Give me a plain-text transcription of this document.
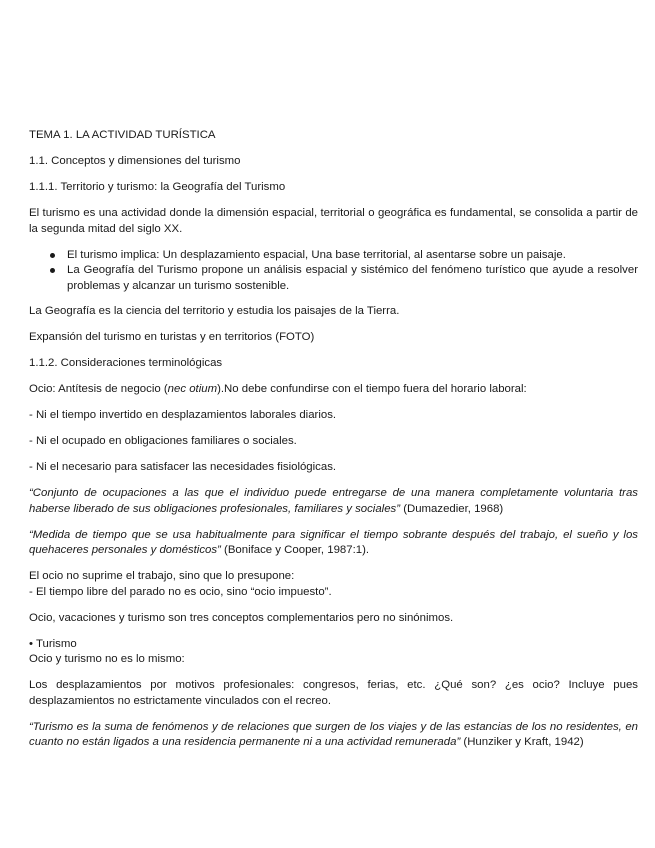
TEMA 1. LA ACTIVIDAD TURÍSTICA

1.1. Conceptos y dimensiones del turismo

1.1.1. Territorio y turismo: la Geografía del Turismo

El turismo es una actividad donde la dimensión espacial, territorial o geográfica es fundamental, se consolida a partir de la segunda mitad del siglo XX.

El turismo implica: Un desplazamiento espacial, Una base territorial, al asentarse sobre un paisaje.
La Geografía del Turismo propone un análisis espacial y sistémico del fenómeno turístico que ayude a resolver problemas y alcanzar un turismo sostenible.

La Geografía es la ciencia del territorio y estudia los paisajes de la Tierra.

Expansión del turismo en turistas y en territorios (FOTO)

1.1.2. Consideraciones terminológicas

Ocio: Antítesis de negocio (nec otium).No debe confundirse con el tiempo fuera del horario laboral:

- Ni el tiempo invertido en desplazamientos laborales diarios.

- Ni el ocupado en obligaciones familiares o sociales.

- Ni el necesario para satisfacer las necesidades fisiológicas.

“Conjunto de ocupaciones a las que el individuo puede entregarse de una manera completamente voluntaria tras haberse liberado de sus obligaciones profesionales, familiares y sociales” (Dumazedier, 1968)

“Medida de tiempo que se usa habitualmente para significar el tiempo sobrante después del trabajo, el sueño y los quehaceres personales y domésticos” (Boniface y Cooper, 1987:1).

El ocio no suprime el trabajo, sino que lo presupone:

- El tiempo libre del parado no es ocio, sino “ocio impuesto”.

Ocio, vacaciones y turismo son tres conceptos complementarios pero no sinónimos.

• Turismo

Ocio y turismo no es lo mismo:

Los desplazamientos por motivos profesionales: congresos, ferias, etc. ¿Qué son? ¿es ocio? Incluye pues desplazamientos no estrictamente vinculados con el recreo.

“Turismo es la suma de fenómenos y de relaciones que surgen de los viajes y de las estancias de los no residentes, en cuanto no están ligados a una residencia permanente ni a una actividad remunerada” (Hunziker y Kraft, 1942)
